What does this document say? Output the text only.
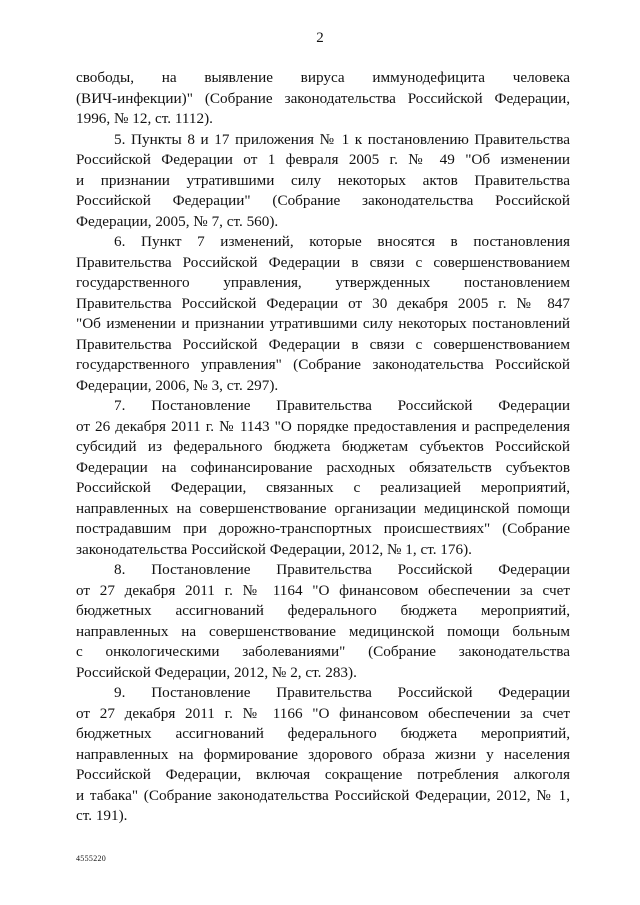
2
свободы, на выявление вируса иммунодефицита человека
(ВИЧ-инфекции)" (Собрание законодательства Российской Федерации,
1996, № 12, ст. 1112).
5. Пункты 8 и 17 приложения № 1 к постановлению Правительства
Российской Федерации от 1 февраля 2005 г. № 49 "Об изменении
и признании утратившими силу некоторых актов Правительства
Российской Федерации" (Собрание законодательства Российской
Федерации, 2005, № 7, ст. 560).
6. Пункт 7 изменений, которые вносятся в постановления
Правительства Российской Федерации в связи с совершенствованием
государственного управления, утвержденных постановлением
Правительства Российской Федерации от 30 декабря 2005 г. № 847
"Об изменении и признании утратившими силу некоторых постановлений
Правительства Российской Федерации в связи с совершенствованием
государственного управления" (Собрание законодательства Российской
Федерации, 2006, № 3, ст. 297).
7. Постановление Правительства Российской Федерации
от 26 декабря 2011 г. № 1143 "О порядке предоставления и распределения
субсидий из федерального бюджета бюджетам субъектов Российской
Федерации на софинансирование расходных обязательств субъектов
Российской Федерации, связанных с реализацией мероприятий,
направленных на совершенствование организации медицинской помощи
пострадавшим при дорожно-транспортных происшествиях" (Собрание
законодательства Российской Федерации, 2012, № 1, ст. 176).
8. Постановление Правительства Российской Федерации
от 27 декабря 2011 г. № 1164 "О финансовом обеспечении за счет
бюджетных ассигнований федерального бюджета мероприятий,
направленных на совершенствование медицинской помощи больным
с онкологическими заболеваниями" (Собрание законодательства
Российской Федерации, 2012, № 2, ст. 283).
9. Постановление Правительства Российской Федерации
от 27 декабря 2011 г. № 1166 "О финансовом обеспечении за счет
бюджетных ассигнований федерального бюджета мероприятий,
направленных на формирование здорового образа жизни у населения
Российской Федерации, включая сокращение потребления алкоголя
и табака" (Собрание законодательства Российской Федерации, 2012, № 1,
ст. 191).
4555220
